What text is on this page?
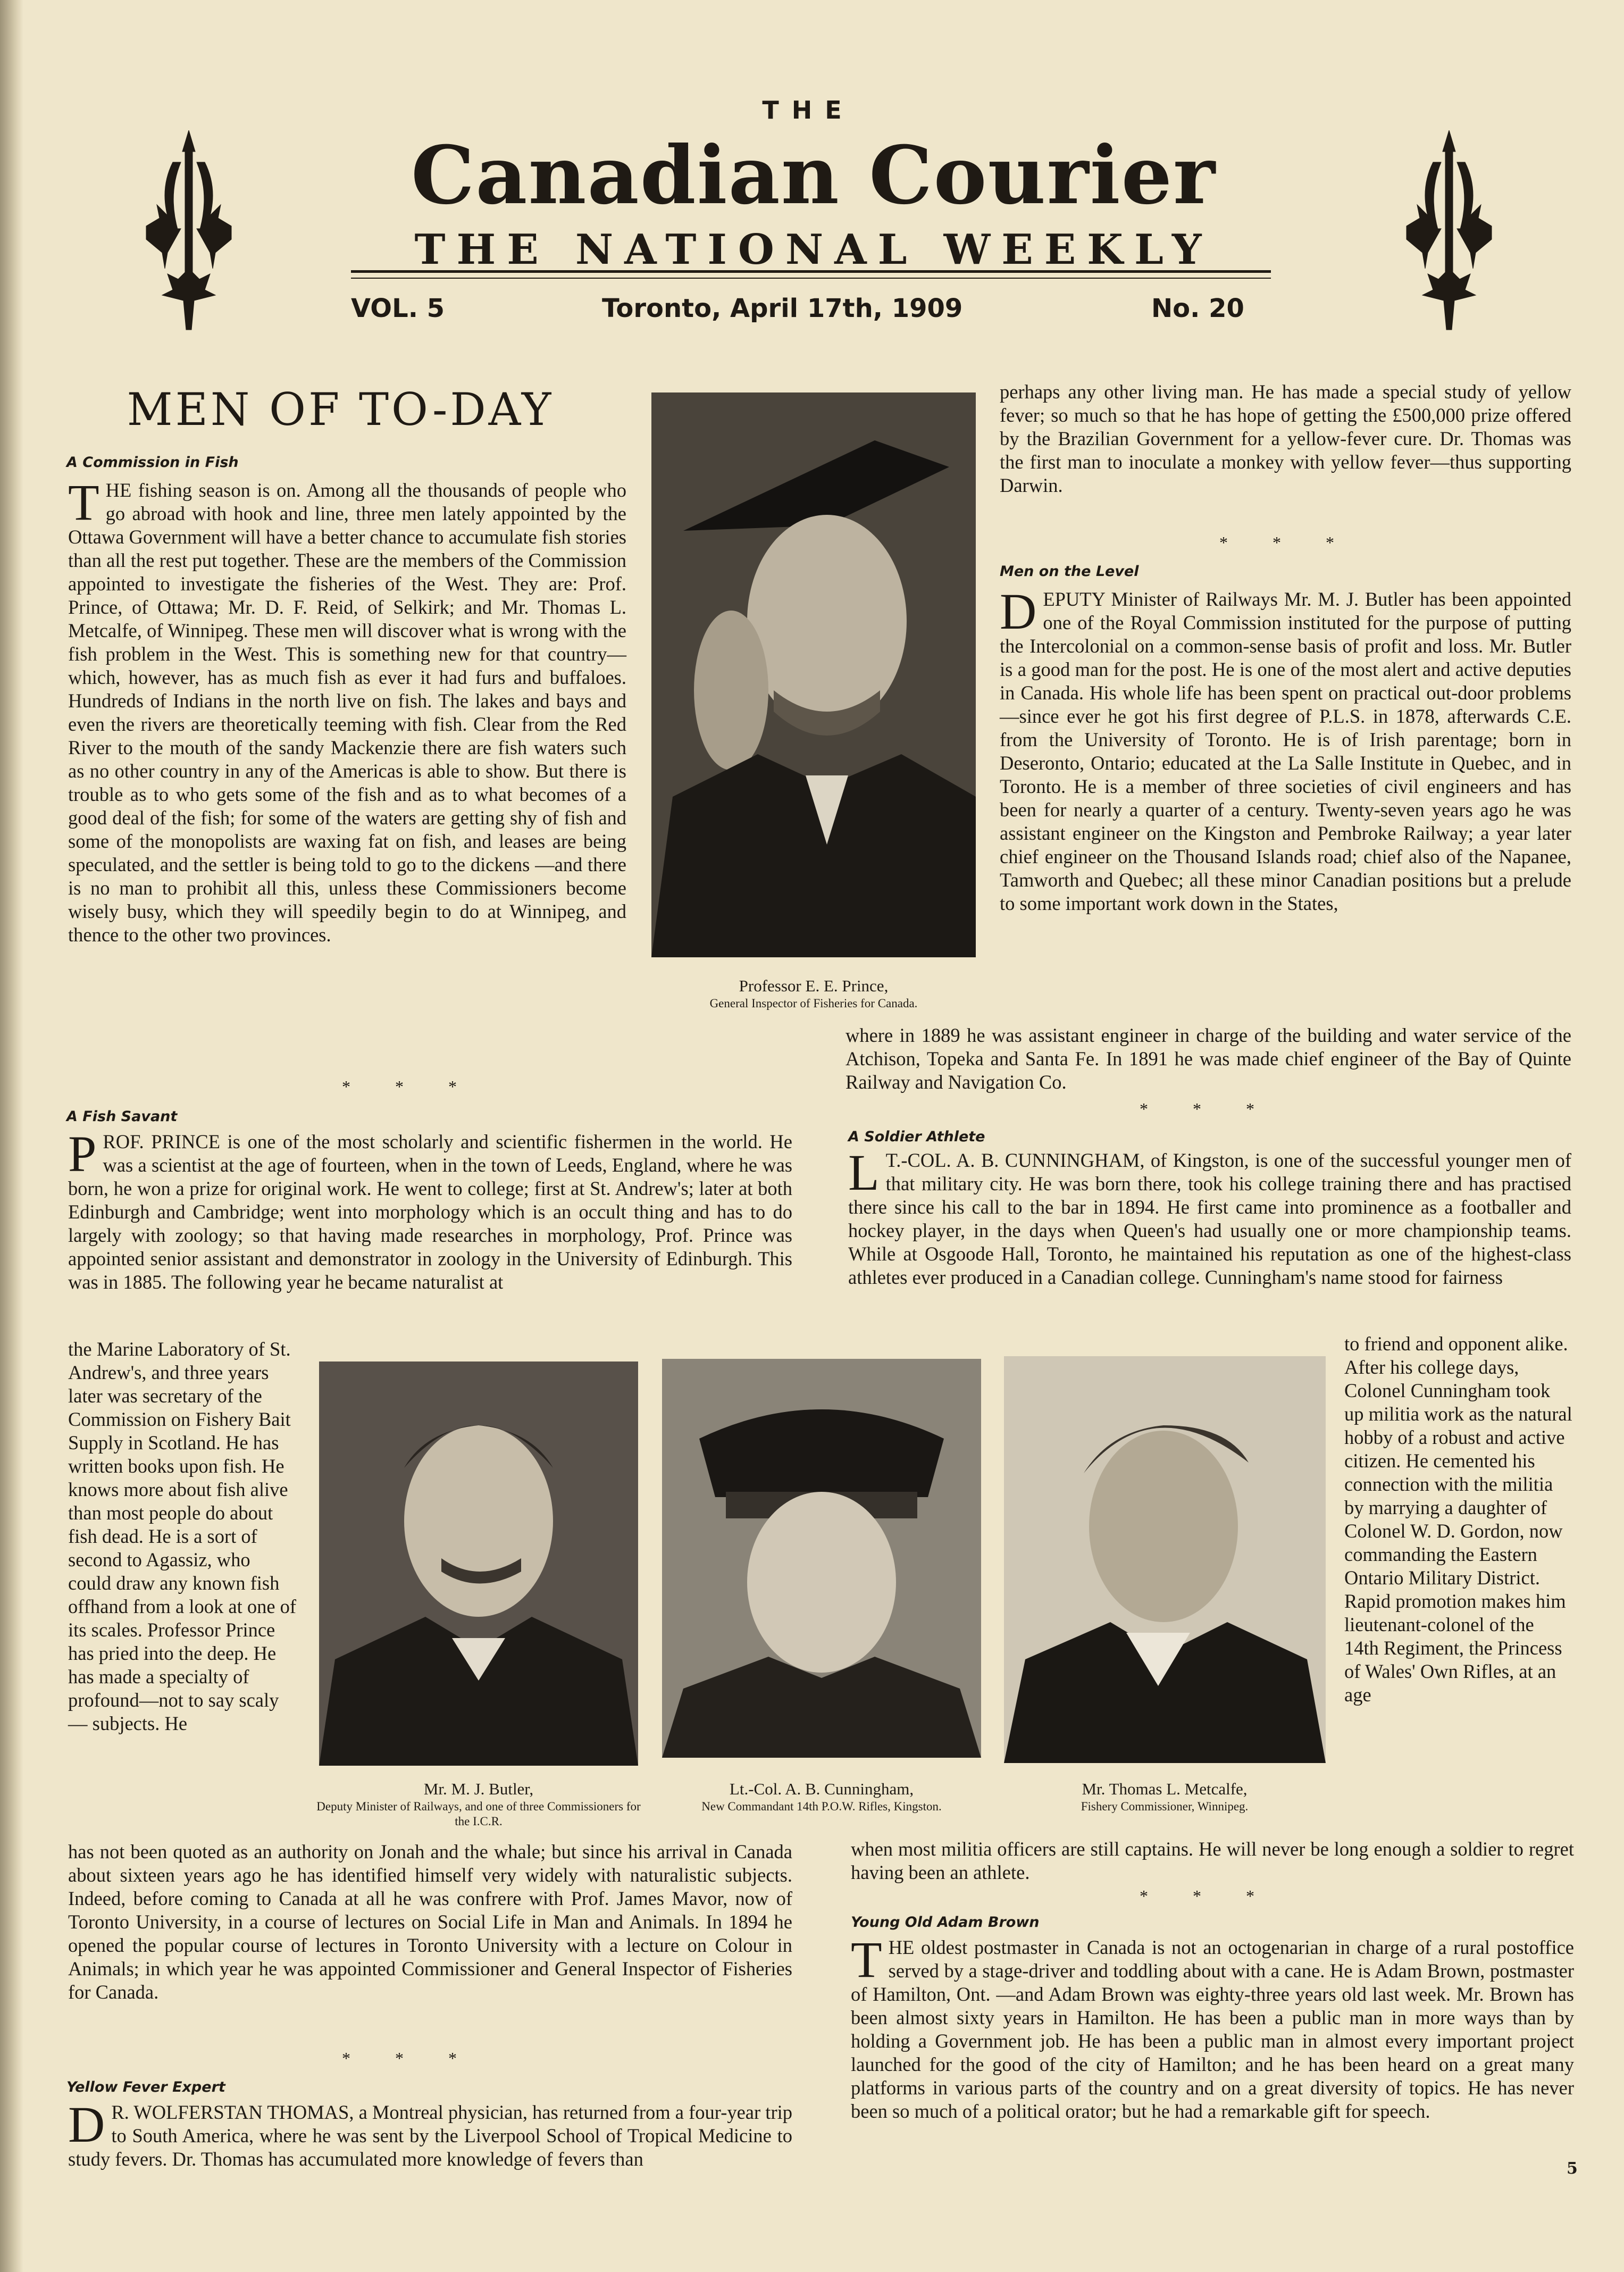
THE
Canadian Courier
THE NATIONAL WEEKLY
VOL. 5	Toronto, April 17th, 1909	No. 20
MEN OF TO-DAY
A Commission in Fish

THE fishing season is on. Among all the thousands of people who go abroad with hook and line, three men lately appointed by the Ottawa Government will have a better chance to accumulate fish stories than all the rest put together. These are the members of the Commission appointed to investigate the fisheries of the West. They are: Prof. Prince, of Ottawa; Mr. D. F. Reid, of Selkirk; and Mr. Thomas L. Metcalfe, of Winnipeg. These men will discover what is wrong with the fish problem in the West. This is something new for that country—which, however, has as much fish as ever it had furs and buffaloes. Hundreds of Indians in the north live on fish. The lakes and bays and even the rivers are theoretically teeming with fish. Clear from the Red River to the mouth of the sandy Mackenzie there are fish waters such as no other country in any of the Americas is able to show. But there is trouble as to who gets some of the fish and as to what becomes of a good deal of the fish; for some of the waters are getting shy of fish and some of the monopolists are waxing fat on fish, and leases are being speculated, and the settler is being told to go to the dickens —and there is no man to prohibit all this, unless these Commissioners become wisely busy, which they will speedily begin to do at Winnipeg, and thence to the other two provinces.

* * *
A Fish Savant

PROF. PRINCE is one of the most scholarly and scientific fishermen in the world. He was a scientist at the age of fourteen, when in the town of Leeds, England, where he was born, he won a prize for original work. He went to college; first at St. Andrew's; later at both Edinburgh and Cambridge; went into morphology which is an occult thing and has to do largely with zoology; so that having made researches in morphology, Prof. Prince was appointed senior assistant and demonstrator in zoology in the University of Edinburgh. This was in 1885. The following year he became naturalist at

the Marine Laboratory of St. Andrew's, and three years later was secretary of the Commission on Fishery Bait Supply in Scotland. He has written books upon fish. He knows more about fish alive than most people do about fish dead. He is a sort of second to Agassiz, who could draw any known fish offhand from a look at one of its scales. Professor Prince has pried into the deep. He has made a specialty of profound—not to say scaly — subjects. He
has not been quoted as an authority on Jonah and the whale; but since his arrival in Canada about sixteen years ago he has identified himself very widely with naturalistic subjects. Indeed, before coming to Canada at all he was confrere with Prof. James Mavor, now of Toronto University, in a course of lectures on Social Life in Man and Animals. In 1894 he opened the popular course of lectures in Toronto University with a lecture on Colour in Animals; in which year he was appointed Commissioner and General Inspector of Fisheries for Canada.
* * *
Yellow Fever Expert

D R. WOLFERSTAN THOMAS, a Montreal physician, has returned from a four-year trip to South America, where he was sent by the Liverpool School of Tropical Medicine to study fevers. Dr. Thomas has accumulated more knowledge of fevers than

perhaps any other living man. He has made a special study of yellow fever; so much so that he has hope of getting the £500,000 prize offered by the Brazilian Government for a yellow-fever cure. Dr. Thomas was the first man to inoculate a monkey with yellow fever—thus supporting Darwin.
* * *
Men on the Level

DEPUTY Minister of Railways Mr. M. J. Butler has been appointed one of the Royal Commission instituted for the purpose of putting the Intercolonial on a common-sense basis of profit and loss. Mr. Butler is a good man for the post. He is one of the most alert and active deputies in Canada. His whole life has been spent on practical out-door problems—since ever he got his first degree of P.L.S. in 1878, afterwards C.E. from the University of Toronto. He is of Irish parentage; born in Deseronto, Ontario; educated at the La Salle Institute in Quebec, and in Toronto. He is a member of three societies of civil engineers and has been for nearly a quarter of a century. Twenty-seven years ago he was assistant engineer on the Kingston and Pembroke Railway; a year later chief engineer on the Thousand Islands road; chief also of the Napanee, Tamworth and Quebec; all these minor Canadian positions but a prelude to some important work down in the States,

where in 1889 he was assistant engineer in charge of the building and water service of the Atchison, Topeka and Santa Fe. In 1891 he was made chief engineer of the Bay of Quinte Railway and Navigation Co.
* * *
A Soldier Athlete

L T.-COL. A. B. CUNNINGHAM, of Kingston, is one of the successful younger men of that military city. He was born there, took his college training there and has practised there since his call to the bar in 1894. He first came into prominence as a footballer and hockey player, in the days when Queen's had usually one or more championship teams. While at Osgoode Hall, Toronto, he maintained his reputation as one of the highest-class athletes ever produced in a Canadian college. Cunningham's name stood for fairness

to friend and opponent alike. After his college days, Colonel Cunningham took up militia work as the natural hobby of a robust and active citizen. He cemented his connection with the militia by marrying a daughter of Colonel W. D. Gordon, now commanding the Eastern Ontario Military District. Rapid promotion makes him lieutenant-colonel of the 14th Regiment, the Princess of Wales' Own Rifles, at an age
when most militia officers are still captains. He will never be long enough a soldier to regret having been an athlete.
* * *
Young Old Adam Brown

THE oldest postmaster in Canada is not an octogenarian in charge of a rural postoffice served by a stage-driver and toddling about with a cane. He is Adam Brown, postmaster of Hamilton, Ont. —and Adam Brown was eighty-three years old last week. Mr. Brown has been almost sixty years in Hamilton. He has been a public man in more ways than by holding a Government job. He has been a public man in almost every important project launched for the good of the city of Hamilton; and he has been heard on a great many platforms in various parts of the country and on a great diversity of topics. He has never been so much of a political orator; but he had a remarkable gift for speech.

Professor E. E. Prince,
General Inspector of Fisheries for Canada.
Mr. M. J. Butler,
Deputy Minister of Railways, and one of three Commissioners for the I.C.R.
Lt.-Col. A. B. Cunningham,
New Commandant 14th P.O.W. Rifles, Kingston.
Mr. Thomas L. Metcalfe,
Fishery Commissioner, Winnipeg.
5
